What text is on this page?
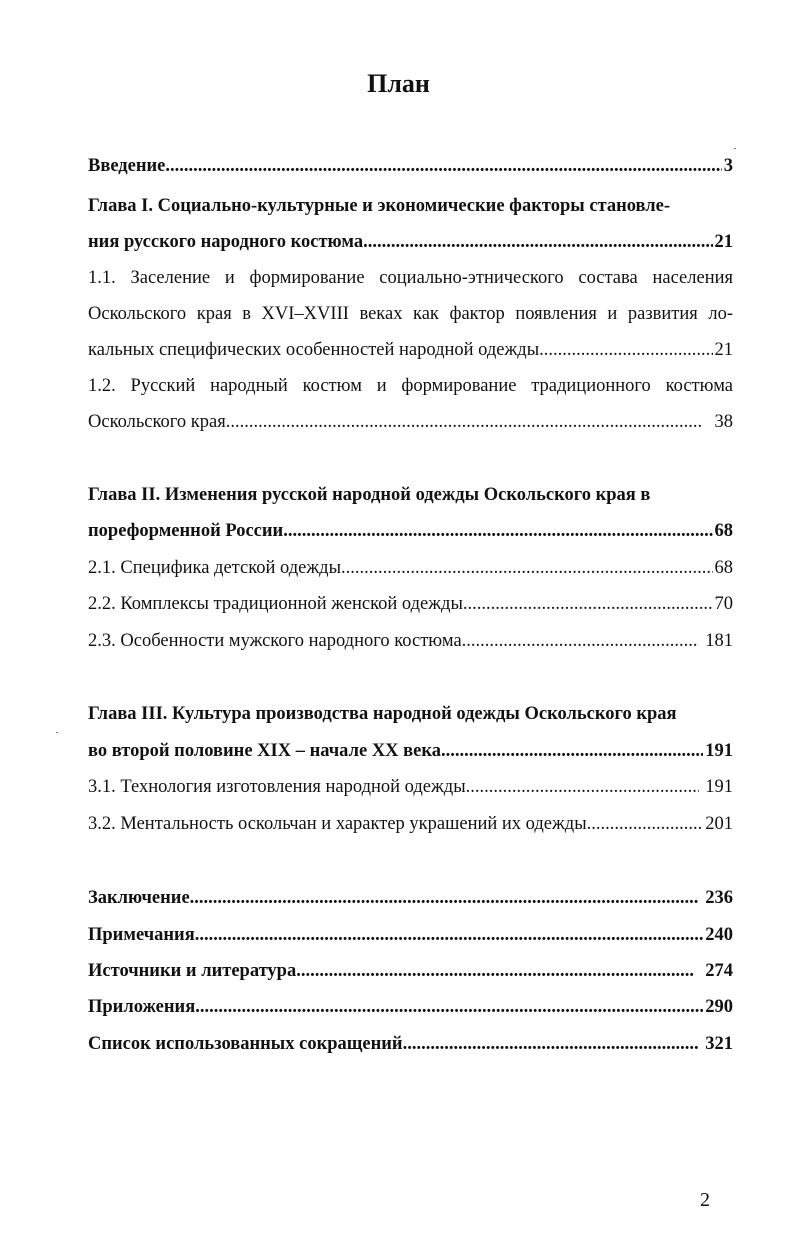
План
Введение .....	3
Глава I. Социально-культурные и экономические факторы становле-
ния русского народного костюма .....	21
1.1. Заселение и формирование социально-этнического состава населения
Оскольского края в XVI–XVIII веках как фактор появления и развития ло-
кальных специфических особенностей народной одежды .....	21
1.2. Русский народный костюм и формирование традиционного костюма
Оскольского края .....	38
Глава II. Изменения русской народной одежды Оскольского края в
пореформенной России .....	68
2.1. Специфика детской одежды .....	68
2.2. Комплексы традиционной женской одежды .....	70
2.3. Особенности мужского народного костюма .....	181
Глава III. Культура производства народной одежды Оскольского края
во второй половине XIX – начале XX века .....	191
3.1. Технология изготовления народной одежды .....	191
3.2. Ментальность оскольчан и характер украшений их одежды .....	201
Заключение .....	236
Примечания .....	240
Источники и литература .....	274
Приложения .....	290
Список использованных сокращений .....	321
2
